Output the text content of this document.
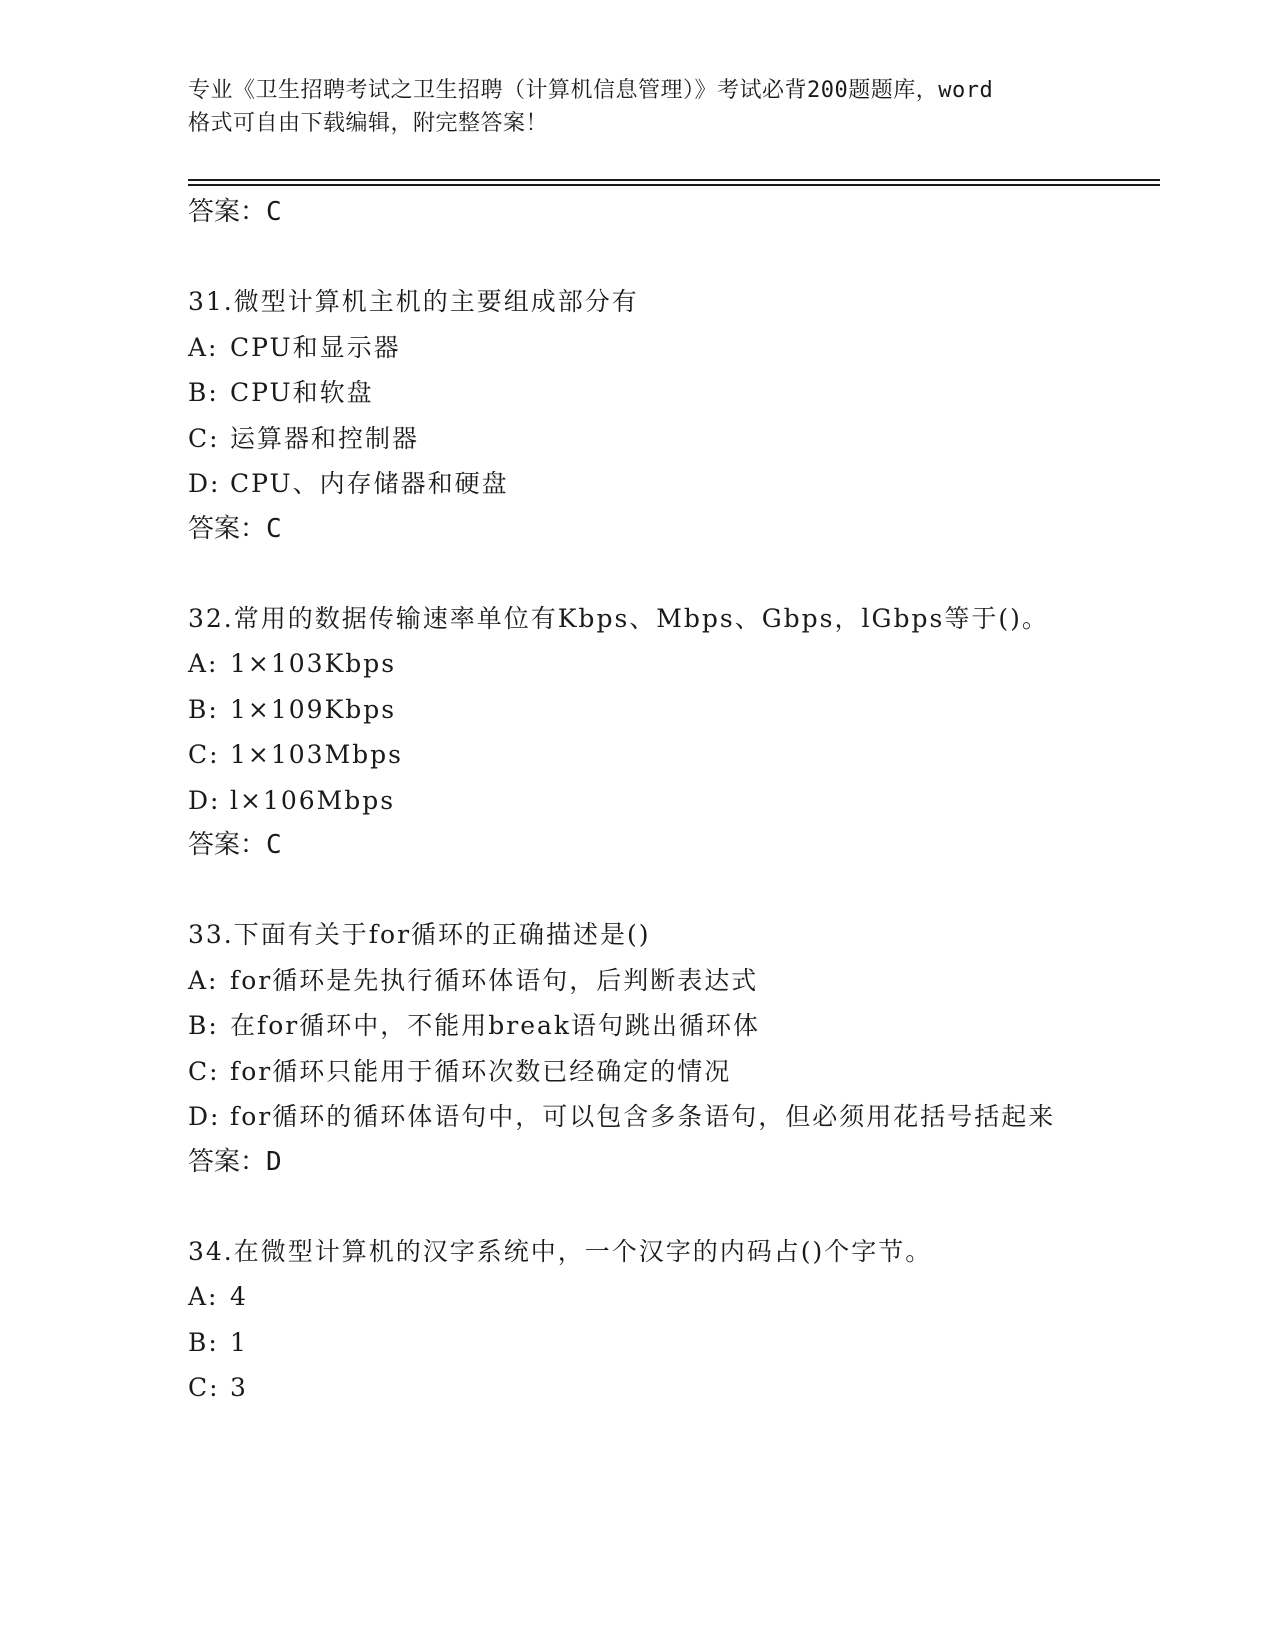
专业《卫生招聘考试之卫生招聘（计算机信息管理）》考试必背200题题库，word
格式可自由下载编辑，附完整答案！
答案：C
31.微型计算机主机的主要组成部分有
A: CPU和显示器
B: CPU和软盘
C: 运算器和控制器
D: CPU、内存储器和硬盘
答案：C
32.常用的数据传输速率单位有Kbps、Mbps、Gbps，lGbps等于()。
A: 1×103Kbps
B: 1×109Kbps
C: 1×103Mbps
D: l×106Mbps
答案：C
33.下面有关于for循环的正确描述是()
A: for循环是先执行循环体语句，后判断表达式
B: 在for循环中，不能用break语句跳出循环体
C: for循环只能用于循环次数已经确定的情况
D: for循环的循环体语句中，可以包含多条语句，但必须用花括号括起来
答案：D
34.在微型计算机的汉字系统中，一个汉字的内码占()个字节。
A: 4
B: 1
C: 3
